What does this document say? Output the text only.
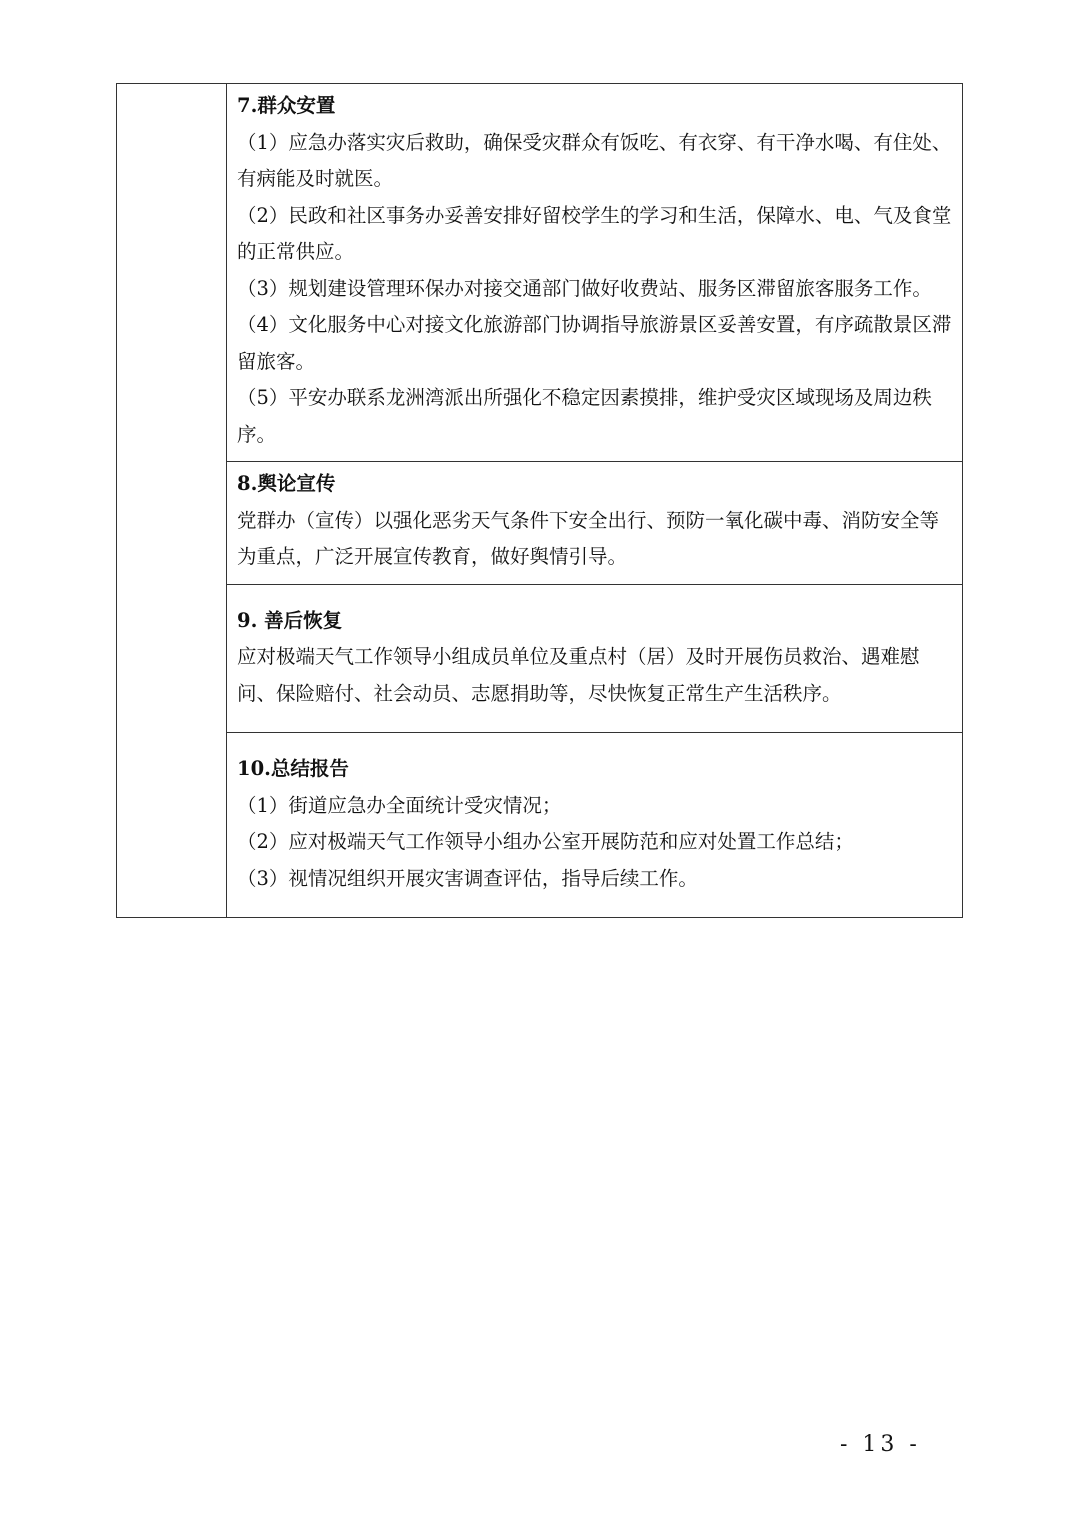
7.群众安置
（1）应急办落实灾后救助，确保受灾群众有饭吃、有衣穿、有干净水喝、有住处、有病能及时就医。
（2）民政和社区事务办妥善安排好留校学生的学习和生活，保障水、电、气及食堂的正常供应。
（3）规划建设管理环保办对接交通部门做好收费站、服务区滞留旅客服务工作。
（4）文化服务中心对接文化旅游部门协调指导旅游景区妥善安置，有序疏散景区滞留旅客。
（5）平安办联系龙洲湾派出所强化不稳定因素摸排，维护受灾区域现场及周边秩序。

8.舆论宣传
党群办（宣传）以强化恶劣天气条件下安全出行、预防一氧化碳中毒、消防安全等为重点，广泛开展宣传教育，做好舆情引导。

9. 善后恢复
应对极端天气工作领导小组成员单位及重点村（居）及时开展伤员救治、遇难慰问、保险赔付、社会动员、志愿捐助等，尽快恢复正常生产生活秩序。

10.总结报告
（1）街道应急办全面统计受灾情况；
（2）应对极端天气工作领导小组办公室开展防范和应对处置工作总结；
（3）视情况组织开展灾害调查评估，指导后续工作。
- 13 -
